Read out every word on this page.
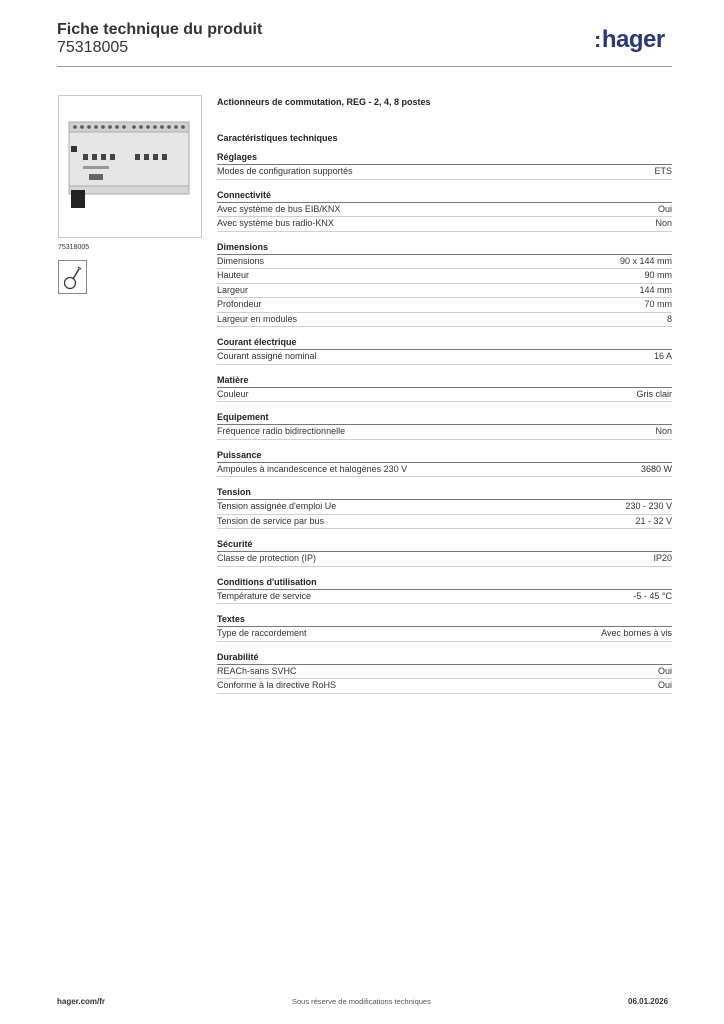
Fiche technique du produit
75318005	:hager
75318005
Actionneurs de commutation, REG - 2, 4, 8 postes
Caractéristiques techniques
Réglages
Modes de configuration supportés	ETS
Connectivité
Avec système de bus EIB/KNX	Oui
Avec système bus radio-KNX	Non
Dimensions
Dimensions	90 x 144 mm
Hauteur	90 mm
Largeur	144 mm
Profondeur	70 mm
Largeur en modules	8
Courant électrique
Courant assigné nominal	16 A
Matière
Couleur	Gris clair
Equipement
Fréquence radio bidirectionnelle	Non
Puissance
Ampoules à incandescence et halogènes 230 V	3680 W
Tension
Tension assignée d'emploi Ue	230 - 230 V
Tension de service par bus	21 - 32 V
Sécurité
Classe de protection (IP)	IP20
Conditions d'utilisation
Température de service	-5 - 45 °C
Textes
Type de raccordement	Avec bornes à vis
Durabilité
REACh-sans SVHC	Oui
Conforme à la directive RoHS	Oui
hager.com/fr	Sous réserve de modifications techniques	06.01.2026
